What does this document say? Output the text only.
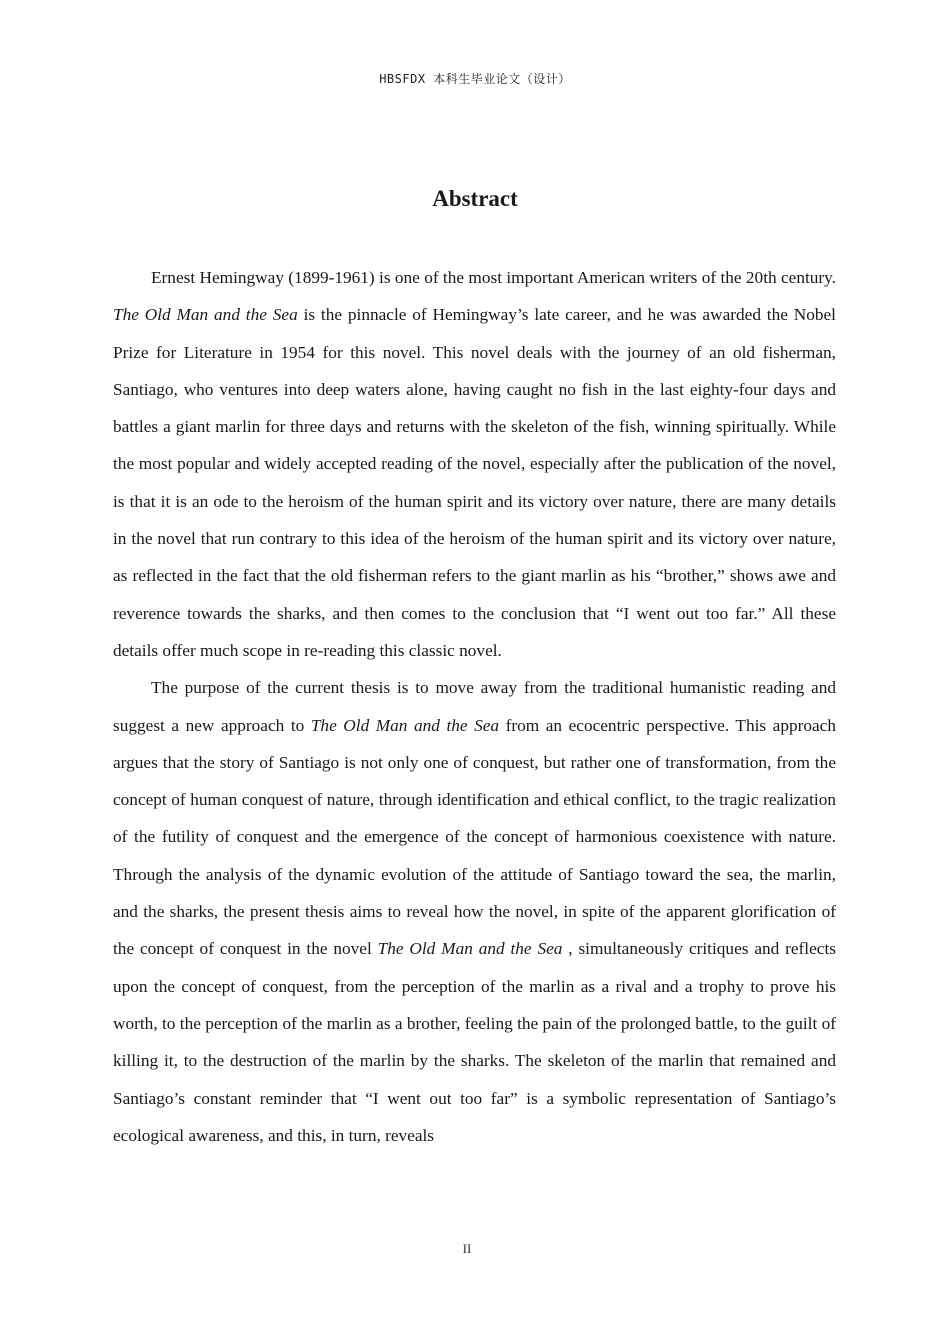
HBSFDX 本科生毕业论文（设计）
Abstract

Ernest Hemingway (1899-1961) is one of the most important American writers of the 20th century. The Old Man and the Sea is the pinnacle of Hemingway’s late career, and he was awarded the Nobel Prize for Literature in 1954 for this novel. This novel deals with the journey of an old fisherman, Santiago, who ventures into deep waters alone, having caught no fish in the last eighty-four days and battles a giant marlin for three days and returns with the skeleton of the fish, winning spiritually. While the most popular and widely accepted reading of the novel, especially after the publication of the novel, is that it is an ode to the heroism of the human spirit and its victory over nature, there are many details in the novel that run contrary to this idea of the heroism of the human spirit and its victory over nature, as reflected in the fact that the old fisherman refers to the giant marlin as his “brother,” shows awe and reverence towards the sharks, and then comes to the conclusion that “I went out too far.” All these details offer much scope in re-reading this classic novel.

The purpose of the current thesis is to move away from the traditional humanistic reading and suggest a new approach to The Old Man and the Sea from an ecocentric perspective. This approach argues that the story of Santiago is not only one of conquest, but rather one of transformation, from the concept of human conquest of nature, through identification and ethical conflict, to the tragic realization of the futility of conquest and the emergence of the concept of harmonious coexistence with nature. Through the analysis of the dynamic evolution of the attitude of Santiago toward the sea, the marlin, and the sharks, the present thesis aims to reveal how the novel, in spite of the apparent glorification of the concept of conquest in the novel The Old Man and the Sea , simultaneously critiques and reflects upon the concept of conquest, from the perception of the marlin as a rival and a trophy to prove his worth, to the perception of the marlin as a brother, feeling the pain of the prolonged battle, to the guilt of killing it, to the destruction of the marlin by the sharks. The skeleton of the marlin that remained and Santiago’s constant reminder that “I went out too far” is a symbolic representation of Santiago’s ecological awareness, and this, in turn, reveals

II
